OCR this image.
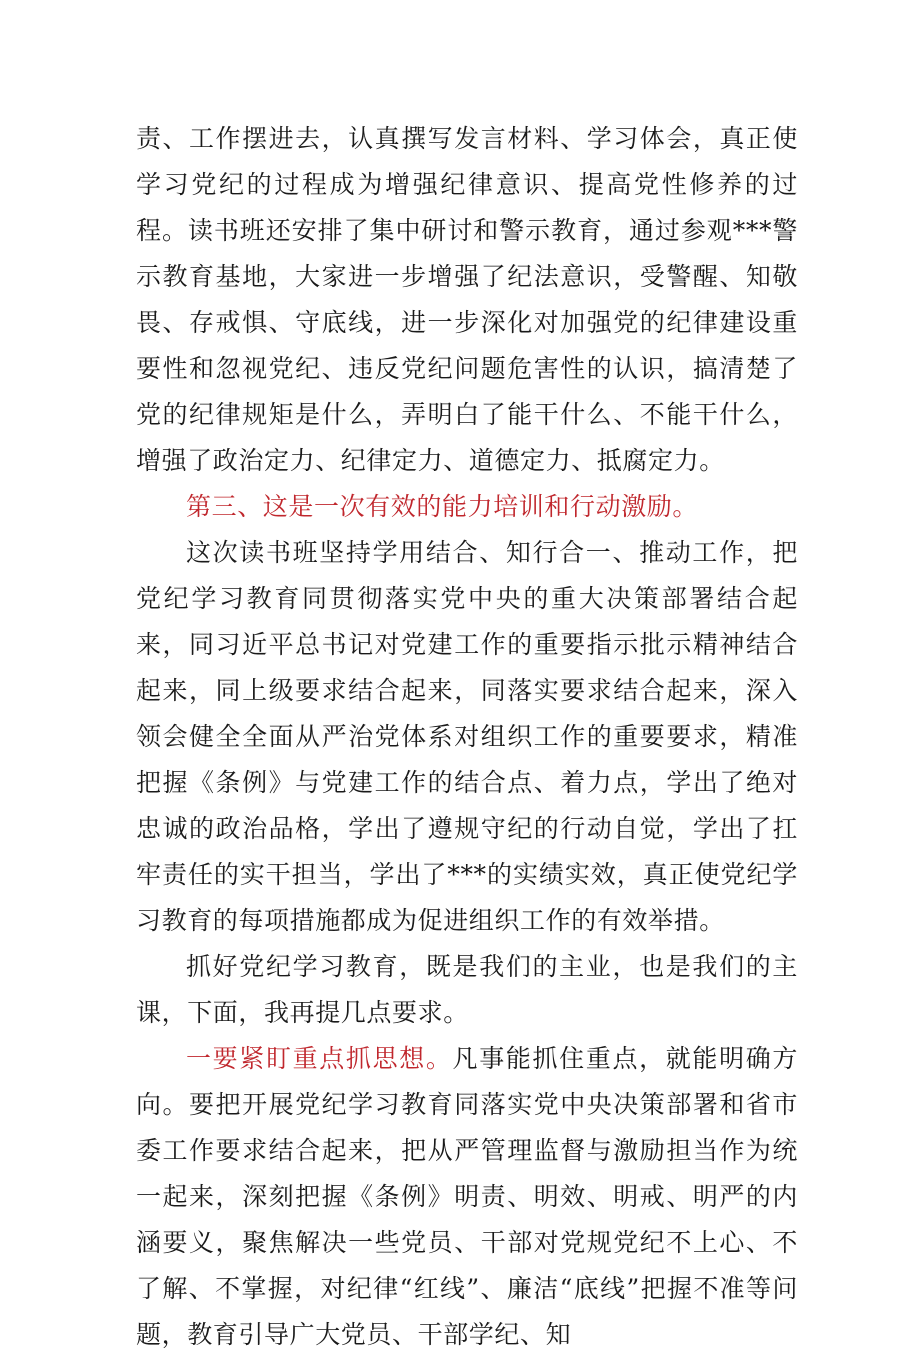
责、工作摆进去，认真撰写发言材料、学习体会，真正使学习党纪的过程成为增强纪律意识、提高党性修养的过程。读书班还安排了集中研讨和警示教育，通过参观***警示教育基地，大家进一步增强了纪法意识，受警醒、知敬畏、存戒惧、守底线，进一步深化对加强党的纪律建设重要性和忽视党纪、违反党纪问题危害性的认识，搞清楚了党的纪律规矩是什么，弄明白了能干什么、不能干什么，增强了政治定力、纪律定力、道德定力、抵腐定力。

第三、这是一次有效的能力培训和行动激励。

这次读书班坚持学用结合、知行合一、推动工作，把党纪学习教育同贯彻落实党中央的重大决策部署结合起来，同习近平总书记对党建工作的重要指示批示精神结合起来，同上级要求结合起来，同落实要求结合起来，深入领会健全全面从严治党体系对组织工作的重要要求，精准把握《条例》与党建工作的结合点、着力点，学出了绝对忠诚的政治品格，学出了遵规守纪的行动自觉，学出了扛牢责任的实干担当，学出了***的实绩实效，真正使党纪学习教育的每项措施都成为促进组织工作的有效举措。

抓好党纪学习教育，既是我们的主业，也是我们的主课，下面，我再提几点要求。

一要紧盯重点抓思想。凡事能抓住重点，就能明确方向。要把开展党纪学习教育同落实党中央决策部署和省市委工作要求结合起来，把从严管理监督与激励担当作为统一起来，深刻把握《条例》明责、明效、明戒、明严的内涵要义，聚焦解决一些党员、干部对党规党纪不上心、不了解、不掌握，对纪律“红线”、廉洁“底线”把握不准等问题，教育引导广大党员、干部学纪、知
